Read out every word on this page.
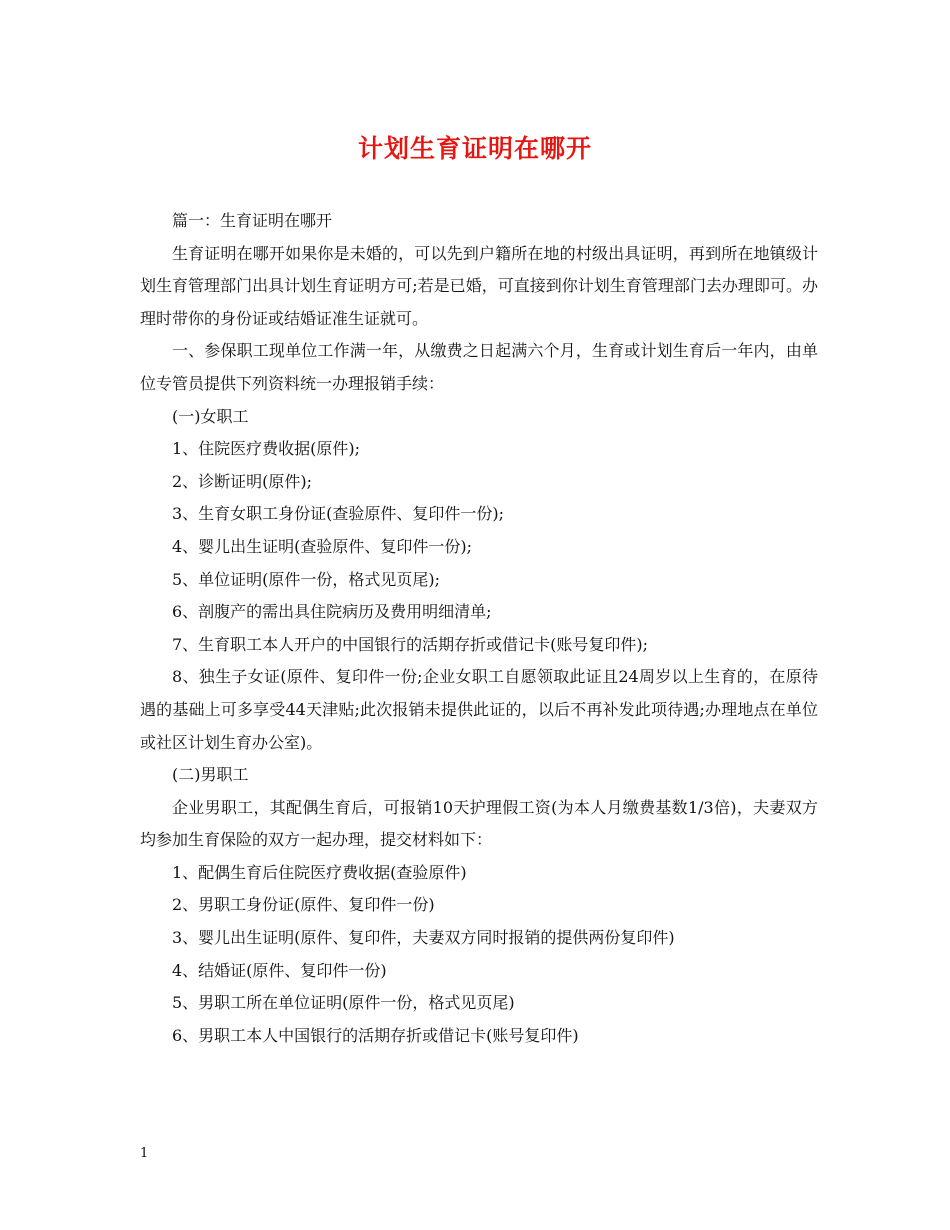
计划生育证明在哪开

篇一：生育证明在哪开

生育证明在哪开如果你是未婚的，可以先到户籍所在地的村级出具证明，再到所在地镇级计划生育管理部门出具计划生育证明方可;若是已婚，可直接到你计划生育管理部门去办理即可。办理时带你的身份证或结婚证准生证就可。

一、参保职工现单位工作满一年，从缴费之日起满六个月，生育或计划生育后一年内，由单位专管员提供下列资料统一办理报销手续：

(一)女职工

1、住院医疗费收据(原件);

2、诊断证明(原件);

3、生育女职工身份证(查验原件、复印件一份);

4、婴儿出生证明(查验原件、复印件一份);

5、单位证明(原件一份，格式见页尾);

6、剖腹产的需出具住院病历及费用明细清单;

7、生育职工本人开户的中国银行的活期存折或借记卡(账号复印件);

8、独生子女证(原件、复印件一份;企业女职工自愿领取此证且24周岁以上生育的，在原待遇的基础上可多享受44天津贴;此次报销未提供此证的，以后不再补发此项待遇;办理地点在单位或社区计划生育办公室)。

(二)男职工

企业男职工，其配偶生育后，可报销10天护理假工资(为本人月缴费基数1/3倍)，夫妻双方均参加生育保险的双方一起办理，提交材料如下：

1、配偶生育后住院医疗费收据(查验原件)

2、男职工身份证(原件、复印件一份)

3、婴儿出生证明(原件、复印件，夫妻双方同时报销的提供两份复印件)

4、结婚证(原件、复印件一份)

5、男职工所在单位证明(原件一份，格式见页尾)

6、男职工本人中国银行的活期存折或借记卡(账号复印件)

1
